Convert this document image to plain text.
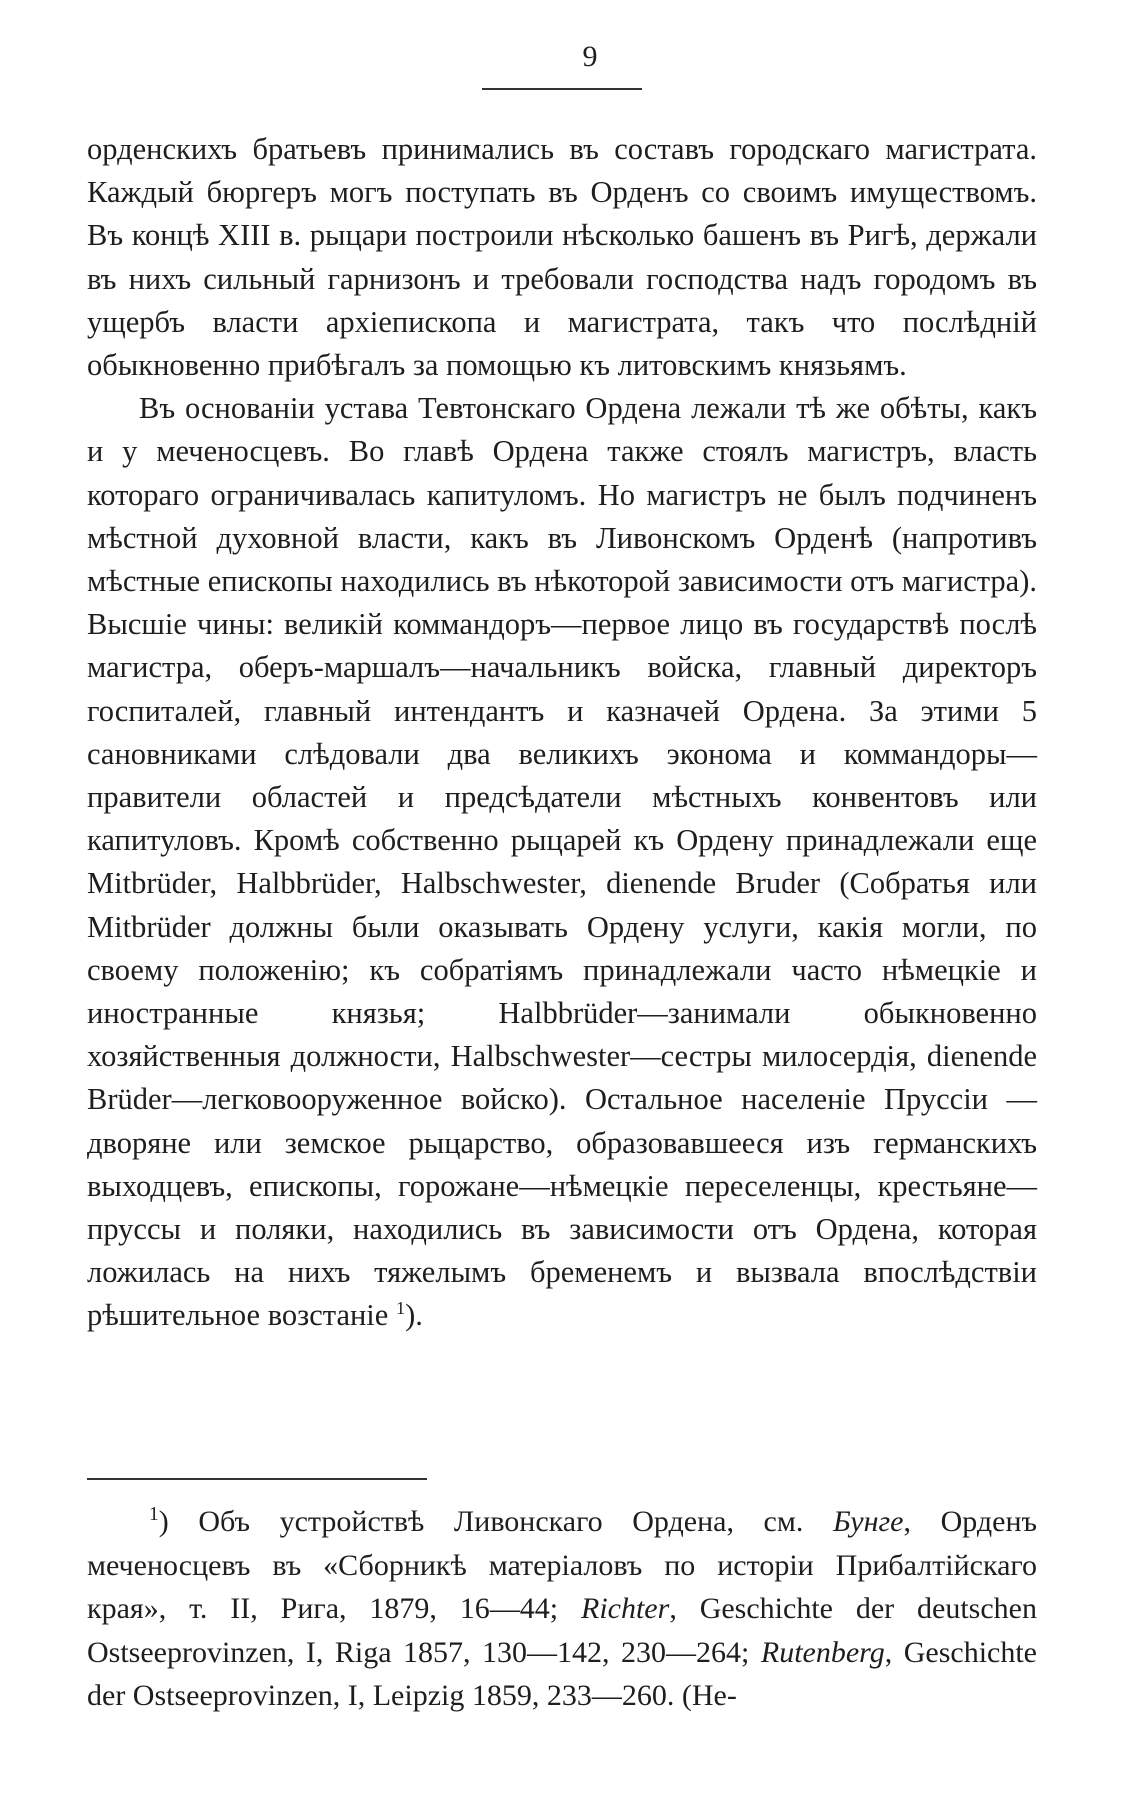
9

орденскихъ братьевъ принимались въ составъ городскаго магистрата. Каждый бюргеръ могъ поступать въ Орденъ со своимъ имуществомъ. Въ концѣ XIII в. рыцари построили нѣсколько башенъ въ Ригѣ, держали въ нихъ сильный гарнизонъ и требовали господства надъ городомъ въ ущербъ власти архіепископа и магистрата, такъ что послѣдній обыкновенно прибѣгалъ за помощью къ литовскимъ князьямъ.

Въ основаніи устава Тевтонскаго Ордена лежали тѣ же обѣты, какъ и у меченосцевъ. Во главѣ Ордена также стоялъ магистръ, власть котораго ограничивалась капитуломъ. Но магистръ не былъ подчиненъ мѣстной духовной власти, какъ въ Ливонскомъ Орденѣ (напротивъ мѣстные епископы находились въ нѣкоторой зависимости отъ магистра). Высшіе чины: великій коммандоръ—первое лицо въ государствѣ послѣ магистра, оберъ-маршалъ—начальникъ войска, главный директоръ госпиталей, главный интендантъ и казначей Ордена. За этими 5 сановниками слѣдовали два великихъ эконома и коммандоры—правители областей и предсѣдатели мѣстныхъ конвентовъ или капитуловъ. Кромѣ собственно рыцарей къ Ордену принадлежали еще Mitbrüder, Halbbrüder, Halbschwester, dienende Bruder (Собратья или Mitbrüder должны были оказывать Ордену услуги, какія могли, по своему положенію; къ собратіямъ принадлежали часто нѣмецкіе и иностранные князья; Halbbrüder—занимали обыкновенно хозяйственныя должности, Halbschwester—сестры милосердія, dienende Brüder—легковооруженное войско). Остальное населеніе Пруссіи — дворяне или земское рыцарство, образовавшееся изъ германскихъ выходцевъ, епископы, горожане—нѣмецкіе переселенцы, крестьяне—пруссы и поляки, находились въ зависимости отъ Ордена, которая ложилась на нихъ тяжелымъ бременемъ и вызвала впослѣдствіи рѣшительное возстаніе $^1$).

$^1$) Объ устройствѣ Ливонскаго Ордена, см. Бунге, Орденъ меченосцевъ въ «Сборникѣ матеріаловъ по исторіи Прибалтійскаго края», т. II, Рига, 1879, 16—44; Richter, Geschichte der deutschen Ostseeprovinzen, I, Riga 1857, 130—142, 230—264; Rutenberg, Geschichte der Ostseeprovinzen, I, Leipzig 1859, 233—260. (He-
